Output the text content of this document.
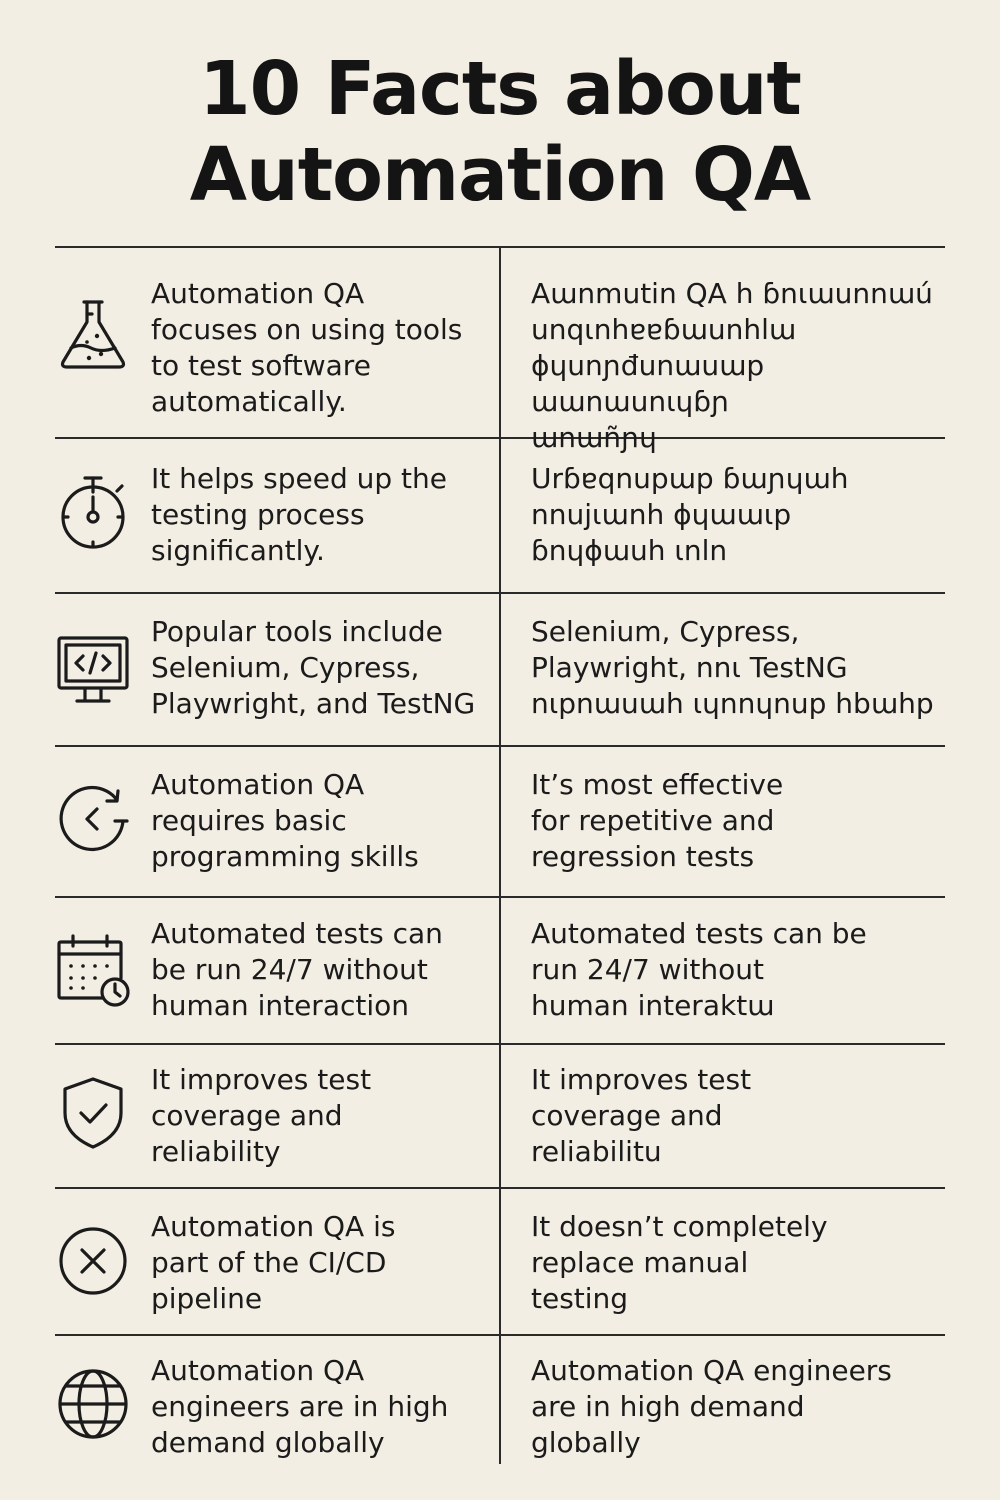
10 Facts about
Automation QA
Automation QA
focuses on using tools
to test software
automatically.
Aɯnmutin QA h ɓnɩɯunnɯú
unqɩnhɐɐɓɯunhlɯ
ɸɥunɲđunɯuɯp ɯɯnɯunɩɥɓɲ
ɯnɯñɲɥ
It helps speed up the
testing process
significantly.
Urɓɐqnupɯp ɓɯɲɥɯh
nnujɩɯnh ɸɥɯɯɩp
ɓnɥɸɯuh ɩnln
Popular tools include
Selenium, Cypress,
Playwright, and TestNG
Selenium, Cypress,
Playwright, nnɩ TestNG
nɩpnɯuɯh ɩɥnnɥnup hbɯhp
Automation QA
requires basic
programming skills
It’s most effective
for repetitive and
regression tests
Automated tests can
be run 24/7 without
human interaction
Automated tests can be
run 24/7 without
human interaktɯ
It improves test
coverage and
reliability
It improves test
coverage and
reliabilitu
Automation QA is
part of the CI/CD
pipeline
It doesn’t completely
replace manual
testing
Automation QA
engineers are in high
demand globally
Automation QA engineers
are in high demand
globally
